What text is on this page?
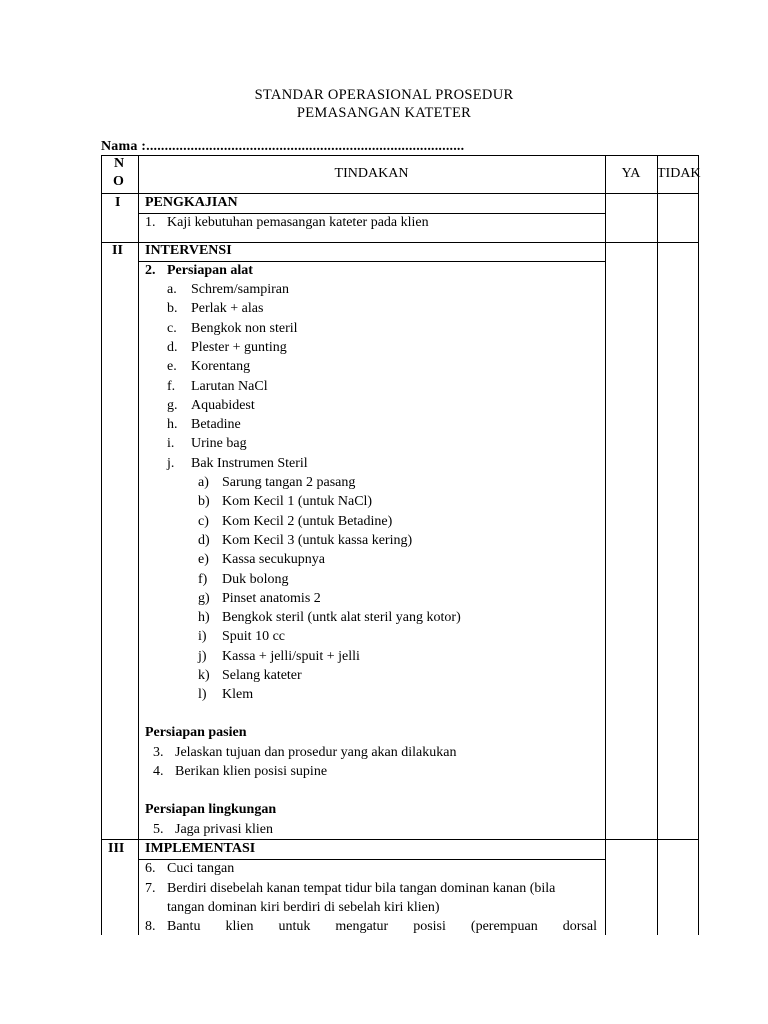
STANDAR OPERASIONAL PROSEDUR
PEMASANGAN KATETER
Nama :......................................................................................
N
O
TINDAKAN	YA	TIDAK
I PENGKAJIAN
1. Kaji kebutuhan pemasangan kateter pada klien
II INTERVENSI
2. Persiapan alat
a. Schrem/sampiran
b. Perlak + alas
c. Bengkok non steril
d. Plester + gunting
e. Korentang
f. Larutan NaCl
g. Aquabidest
h. Betadine
i. Urine bag
j. Bak Instrumen Steril
a) Sarung tangan 2 pasang
b) Kom Kecil 1 (untuk NaCl)
c) Kom Kecil 2 (untuk Betadine)
d) Kom Kecil 3 (untuk kassa kering)
e) Kassa secukupnya
f) Duk bolong
g) Pinset anatomis 2
h) Bengkok steril (untk alat steril yang kotor)
i) Spuit 10 cc
j) Kassa + jelli/spuit + jelli
k) Selang kateter
l) Klem
Persiapan pasien
3. Jelaskan tujuan dan prosedur yang akan dilakukan
4. Berikan klien posisi supine
Persiapan lingkungan
5. Jaga privasi klien
III IMPLEMENTASI
6. Cuci tangan
7. Berdiri disebelah kanan tempat tidur bila tangan dominan kanan (bila
tangan dominan kiri berdiri di sebelah kiri klien)
8. Bantu klien untuk mengatur posisi (perempuan dorsal
